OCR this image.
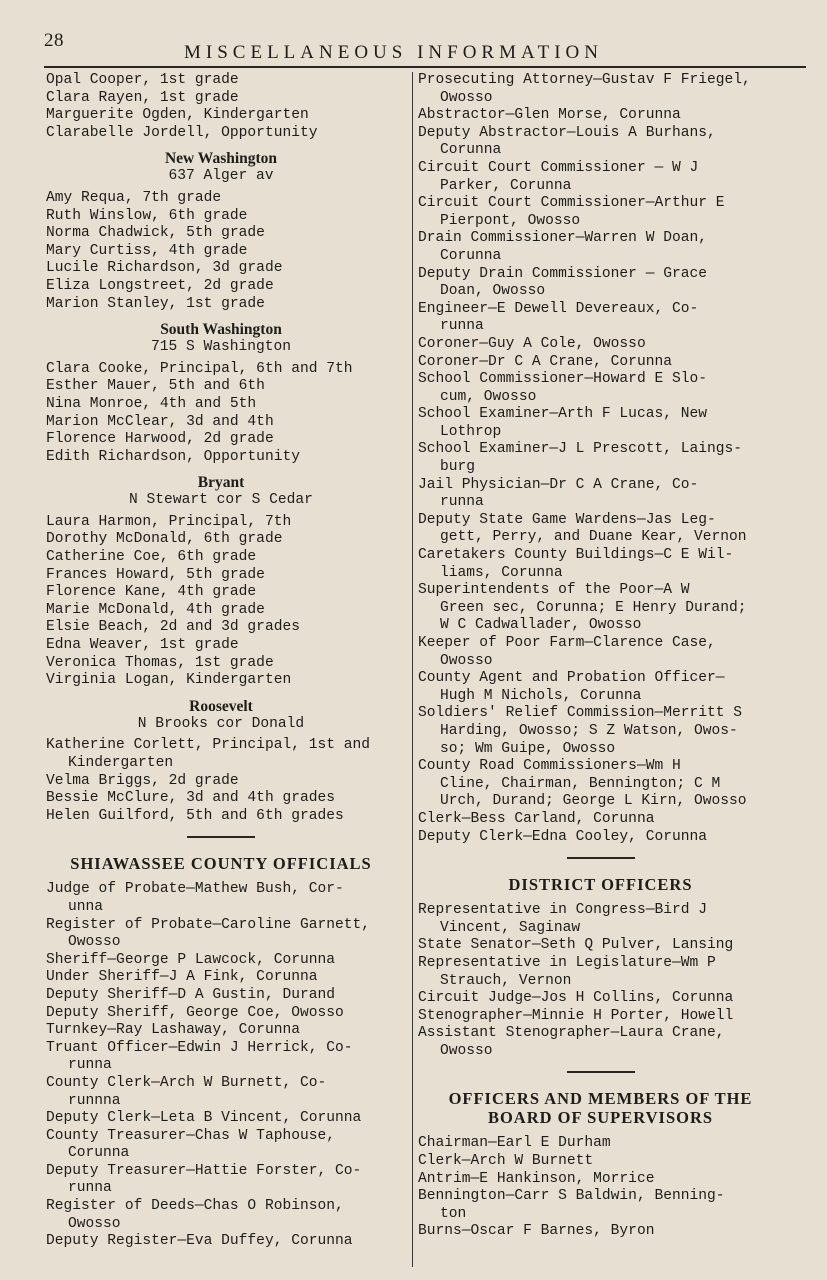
28
MISCELLANEOUS INFORMATION
Opal Cooper, 1st grade
Clara Rayen, 1st grade
Marguerite Ogden, Kindergarten
Clarabelle Jordell, Opportunity
New Washington
637 Alger av
Amy Requa, 7th grade
Ruth Winslow, 6th grade
Norma Chadwick, 5th grade
Mary Curtiss, 4th grade
Lucile Richardson, 3d grade
Eliza Longstreet, 2d grade
Marion Stanley, 1st grade
South Washington
715 S Washington
Clara Cooke, Principal, 6th and 7th
Esther Mauer, 5th and 6th
Nina Monroe, 4th and 5th
Marion McClear, 3d and 4th
Florence Harwood, 2d grade
Edith Richardson, Opportunity
Bryant
N Stewart cor S Cedar
Laura Harmon, Principal, 7th
Dorothy McDonald, 6th grade
Catherine Coe, 6th grade
Frances Howard, 5th grade
Florence Kane, 4th grade
Marie McDonald, 4th grade
Elsie Beach, 2d and 3d grades
Edna Weaver, 1st grade
Veronica Thomas, 1st grade
Virginia Logan, Kindergarten
Roosevelt
N Brooks cor Donald
Katherine Corlett, Principal, 1st and
Kindergarten
Velma Briggs, 2d grade
Bessie McClure, 3d and 4th grades
Helen Guilford, 5th and 6th grades
SHIAWASSEE COUNTY OFFICIALS
Judge of Probate—Mathew Bush, Cor-
unna
Register of Probate—Caroline Garnett,
Owosso
Sheriff—George P Lawcock, Corunna
Under Sheriff—J A Fink, Corunna
Deputy Sheriff—D A Gustin, Durand
Deputy Sheriff, George Coe, Owosso
Turnkey—Ray Lashaway, Corunna
Truant Officer—Edwin J Herrick, Co-
runna
County Clerk—Arch W Burnett, Co-
runnna
Deputy Clerk—Leta B Vincent, Corunna
County Treasurer—Chas W Taphouse,
Corunna
Deputy Treasurer—Hattie Forster, Co-
runna
Register of Deeds—Chas O Robinson,
Owosso
Deputy Register—Eva Duffey, Corunna
Prosecuting Attorney—Gustav F Friegel,
Owosso
Abstractor—Glen Morse, Corunna
Deputy Abstractor—Louis A Burhans,
Corunna
Circuit Court Commissioner — W J
Parker, Corunna
Circuit Court Commissioner—Arthur E
Pierpont, Owosso
Drain Commissioner—Warren W Doan,
Corunna
Deputy Drain Commissioner — Grace
Doan, Owosso
Engineer—E Dewell Devereaux, Co-
runna
Coroner—Guy A Cole, Owosso
Coroner—Dr C A Crane, Corunna
School Commissioner—Howard E Slo-
cum, Owosso
School Examiner—Arth F Lucas, New
Lothrop
School Examiner—J L Prescott, Laings-
burg
Jail Physician—Dr C A Crane, Co-
runna
Deputy State Game Wardens—Jas Leg-
gett, Perry, and Duane Kear, Vernon
Caretakers County Buildings—C E Wil-
liams, Corunna
Superintendents of the Poor—A W
Green sec, Corunna; E Henry Durand;
W C Cadwallader, Owosso
Keeper of Poor Farm—Clarence Case,
Owosso
County Agent and Probation Officer—
Hugh M Nichols, Corunna
Soldiers' Relief Commission—Merritt S
Harding, Owosso; S Z Watson, Owos-
so; Wm Guipe, Owosso
County Road Commissioners—Wm H
Cline, Chairman, Bennington; C M
Urch, Durand; George L Kirn, Owosso
Clerk—Bess Carland, Corunna
Deputy Clerk—Edna Cooley, Corunna
DISTRICT OFFICERS
Representative in Congress—Bird J
Vincent, Saginaw
State Senator—Seth Q Pulver, Lansing
Representative in Legislature—Wm P
Strauch, Vernon
Circuit Judge—Jos H Collins, Corunna
Stenographer—Minnie H Porter, Howell
Assistant Stenographer—Laura Crane,
Owosso
OFFICERS AND MEMBERS OF THE
BOARD OF SUPERVISORS
Chairman—Earl E Durham
Clerk—Arch W Burnett
Antrim—E Hankinson, Morrice
Bennington—Carr S Baldwin, Benning-
ton
Burns—Oscar F Barnes, Byron
